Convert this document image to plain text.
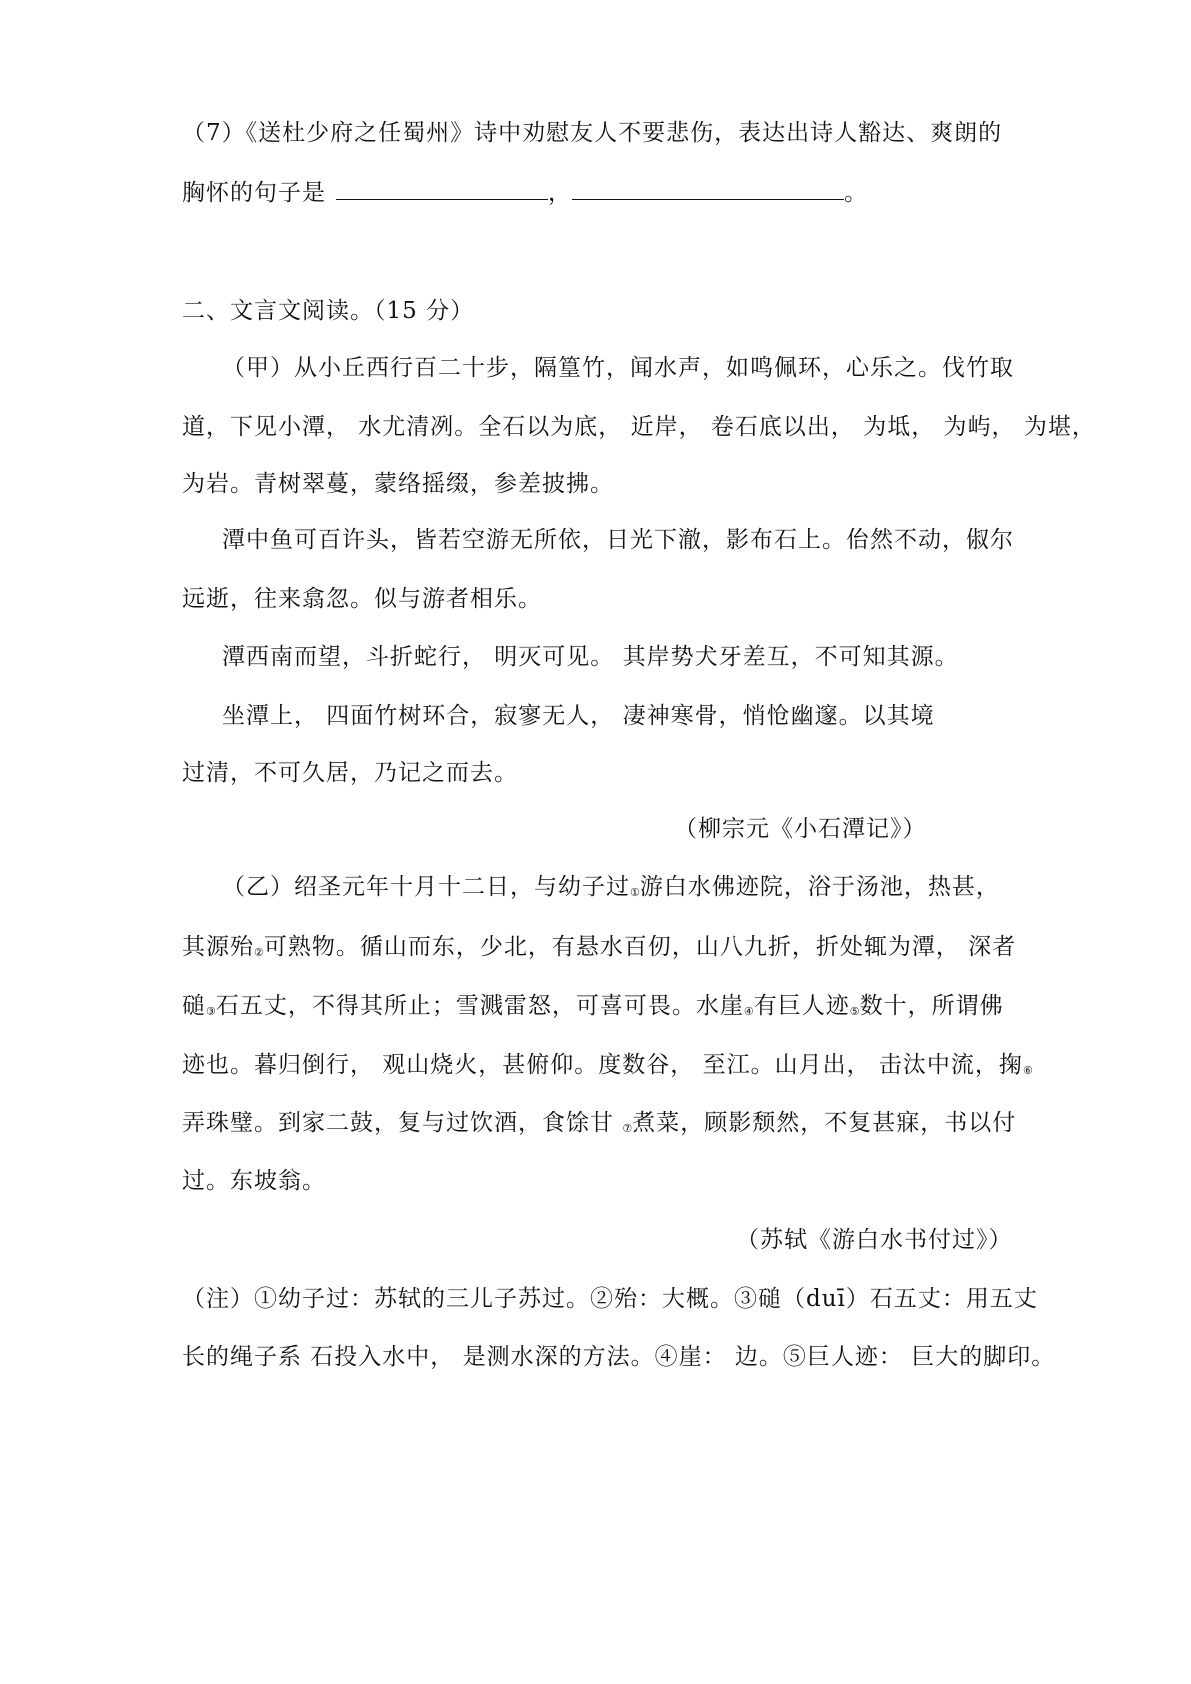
（7）《送杜少府之任蜀州》诗中劝慰友人不要悲伤，表达出诗人豁达、爽朗的
胸怀的句子是	，	。
二、文言文阅读。（15 分）
（甲）从小丘西行百二十步，隔篁竹，闻水声，如鸣佩环，心乐之。伐竹取
道，下见小潭， 水尤清冽。全石以为底， 近岸， 卷石底以出， 为坻， 为屿， 为堪，
为岩。青树翠蔓，蒙络摇缀，参差披拂。
潭中鱼可百许头，皆若空游无所依，日光下澈，影布石上。佁然不动，俶尔
远逝，往来翕忽。似与游者相乐。
潭西南而望，斗折蛇行， 明灭可见。 其岸势犬牙差互，不可知其源。
坐潭上， 四面竹树环合，寂寥无人， 凄神寒骨，悄怆幽邃。以其境
过清，不可久居，乃记之而去。
（柳宗元《小石潭记》）
（乙）绍圣元年十月十二日，与幼子过$_①$游白水佛迹院，浴于汤池，热甚，
其源殆$_②$可熟物。循山而东，少北，有悬水百仞，山八九折，折处辄为潭， 深者
磓$_③$石五丈，不得其所止；雪溅雷怒，可喜可畏。水崖$_④$有巨人迹$_⑤$数十，所谓佛
迹也。暮归倒行， 观山烧火，甚俯仰。度数谷， 至江。山月出， 击汰中流，掬$_⑥$
弄珠璧。到家二鼓，复与过饮酒，食馀甘 $_⑦$煮菜，顾影颓然，不复甚寐，书以付
过。东坡翁。
（苏轼《游白水书付过》）
（注）①幼子过：苏轼的三儿子苏过。②殆：大概。③磓（duī）石五丈：用五丈
长的绳子系 石投入水中， 是测水深的方法。④崖： 边。⑤巨人迹： 巨大的脚印。
